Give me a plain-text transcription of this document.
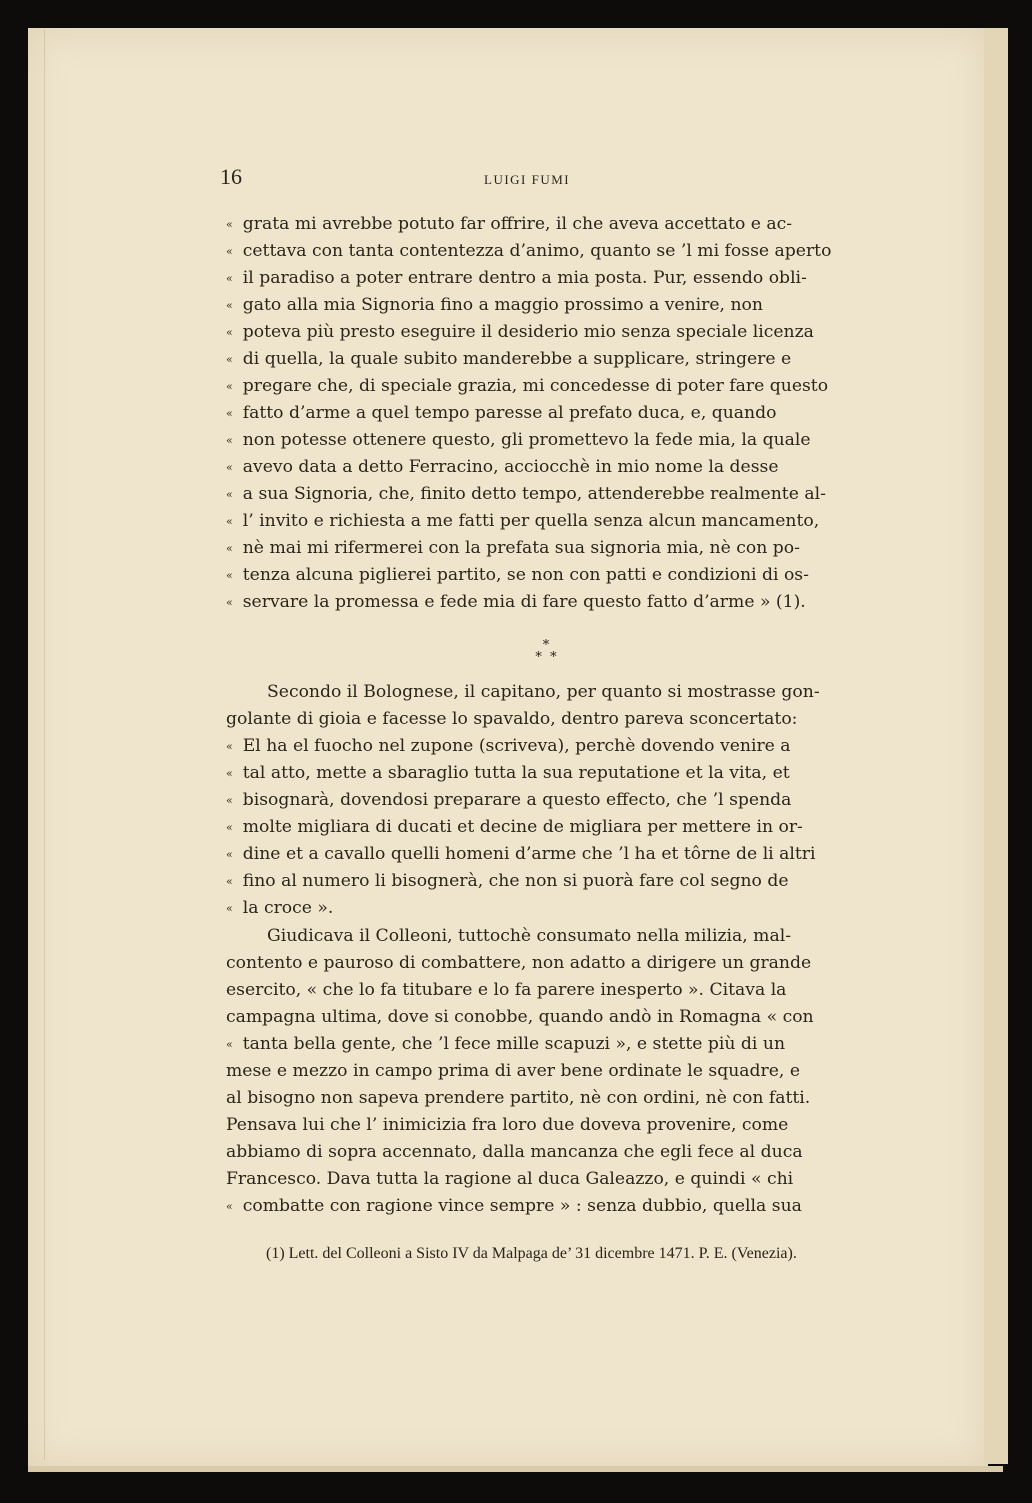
16	LUIGI FUMI
« grata mi avrebbe potuto far offrire, il che aveva accettato e ac-
« cettava con tanta contentezza d’animo, quanto se ’l mi fosse aperto
« il paradiso a poter entrare dentro a mia posta. Pur, essendo obli-
« gato alla mia Signoria fino a maggio prossimo a venire, non
« poteva più presto eseguire il desiderio mio senza speciale licenza
« di quella, la quale subito manderebbe a supplicare, stringere e
« pregare che, di speciale grazia, mi concedesse di poter fare questo
« fatto d’arme a quel tempo paresse al prefato duca, e, quando
« non potesse ottenere questo, gli promettevo la fede mia, la quale
« avevo data a detto Ferracino, acciocchè in mio nome la desse
« a sua Signoria, che, finito detto tempo, attenderebbe realmente al-
« l’ invito e richiesta a me fatti per quella senza alcun mancamento,
« nè mai mi rifermerei con la prefata sua signoria mia, nè con po-
« tenza alcuna piglierei partito, se non con patti e condizioni di os-
« servare la promessa e fede mia di fare questo fatto d’arme » (1).
*
*  *
Secondo il Bolognese, il capitano, per quanto si mostrasse gon-
golante di gioia e facesse lo spavaldo, dentro pareva sconcertato:
« El ha el fuocho nel zupone (scriveva), perchè dovendo venire a
« tal atto, mette a sbaraglio tutta la sua reputatione et la vita, et
« bisognarà, dovendosi preparare a questo effecto, che ’l spenda
« molte migliara di ducati et decine de migliara per mettere in or-
« dine et a cavallo quelli homeni d’arme che ’l ha et tôrne de li altri
« fino al numero li bisognerà, che non si puorà fare col segno de
« la croce ».
Giudicava il Colleoni, tuttochè consumato nella milizia, mal-
contento e pauroso di combattere, non adatto a dirigere un grande
esercito, « che lo fa titubare e lo fa parere inesperto ». Citava la
campagna ultima, dove si conobbe, quando andò in Romagna « con
« tanta bella gente, che ’l fece mille scapuzi », e stette più di un
mese e mezzo in campo prima di aver bene ordinate le squadre, e
al bisogno non sapeva prendere partito, nè con ordini, nè con fatti.
Pensava lui che l’ inimicizia fra loro due doveva provenire, come
abbiamo di sopra accennato, dalla mancanza che egli fece al duca
Francesco. Dava tutta la ragione al duca Galeazzo, e quindi « chi
« combatte con ragione vince sempre » : senza dubbio, quella sua
(1) Lett. del Colleoni a Sisto IV da Malpaga de’ 31 dicembre 1471. P. E. (Venezia).
